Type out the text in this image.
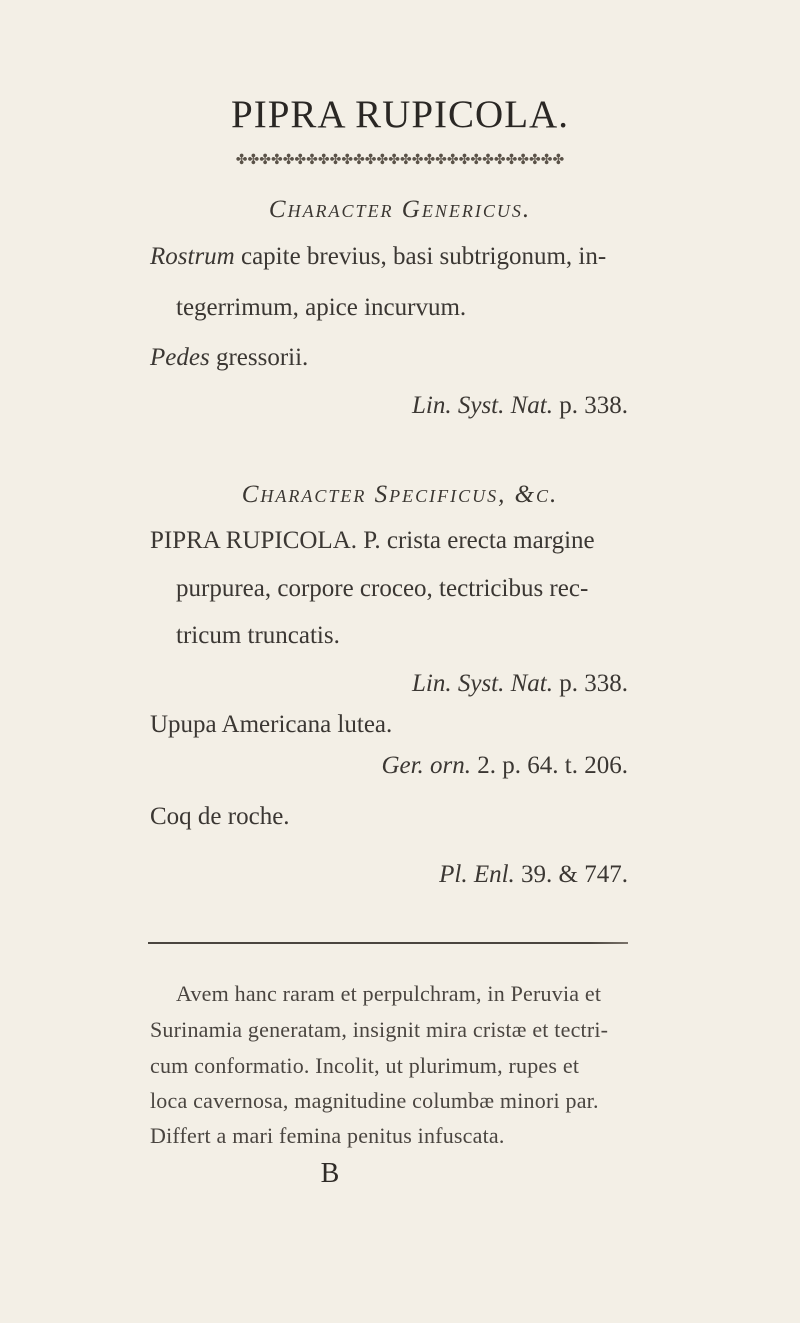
PIPRA RUPICOLA.
✤✤✤✤✤✤✤✤✤✤✤✤✤✤✤✤✤✤✤✤✤✤✤✤✤✤✤✤
Character Genericus.
Rostrum capite brevius, basi subtrigonum, in-
tegerrimum, apice incurvum.
Pedes gressorii.
Lin. Syst. Nat. p. 338.
Character Specificus, &c.
PIPRA RUPICOLA. P. crista erecta margine
purpurea, corpore croceo, tectricibus rec-
tricum truncatis.
Lin. Syst. Nat. p. 338.
Upupa Americana lutea.
Ger. orn. 2. p. 64. t. 206.
Coq de roche.
Pl. Enl. 39. & 747.
Avem hanc raram et perpulchram, in Peruvia et
Surinamia generatam, insignit mira cristæ et tectri-
cum conformatio. Incolit, ut plurimum, rupes et
loca cavernosa, magnitudine columbæ minori par.
Differt a mari femina penitus infuscata.
B
